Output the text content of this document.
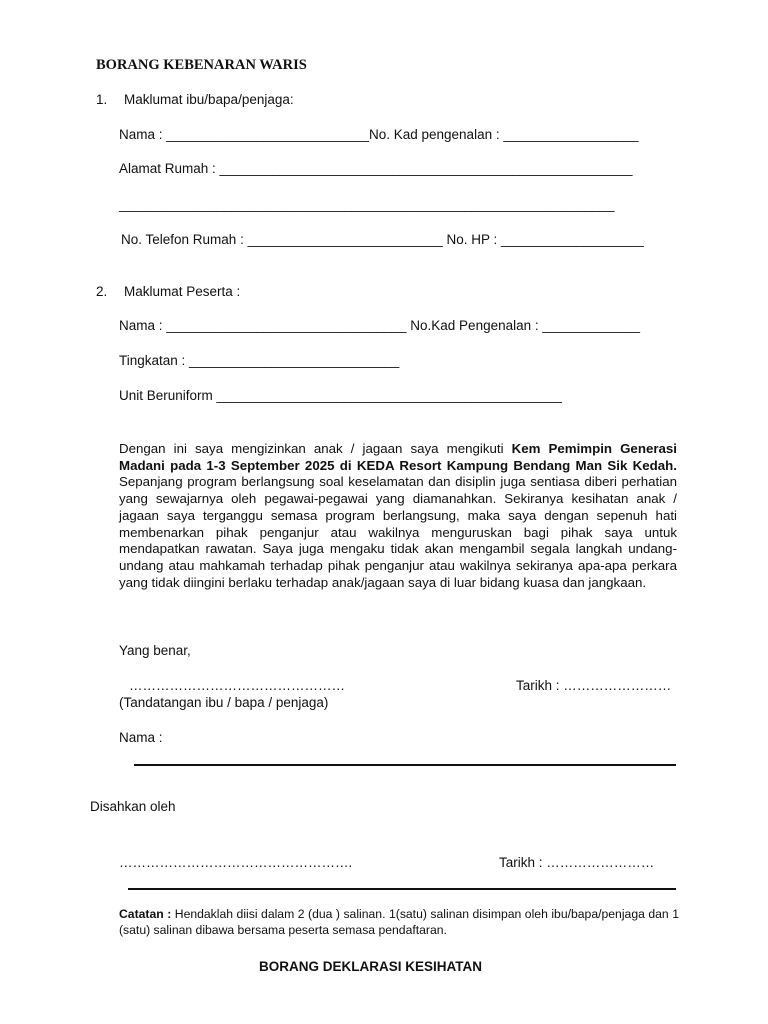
BORANG KEBENARAN WARIS
1. Maklumat ibu/bapa/penjaga:
Nama : ___________________________No. Kad pengenalan : __________________
Alamat Rumah : _______________________________________________________
__________________________________________________________________
No. Telefon Rumah : __________________________ No. HP : ___________________
2. Maklumat Peserta :
Nama : ________________________________ No.Kad Pengenalan : _____________
Tingkatan : ____________________________
Unit Beruniform ______________________________________________
Dengan ini saya mengizinkan anak / jagaan saya mengikuti Kem Pemimpin Generasi Madani pada 1-3 September 2025 di KEDA Resort Kampung Bendang Man Sik Kedah. Sepanjang program berlangsung soal keselamatan dan disiplin juga sentiasa diberi perhatian yang sewajarnya oleh pegawai-pegawai yang diamanahkan. Sekiranya kesihatan anak / jagaan saya terganggu semasa program berlangsung, maka saya dengan sepenuh hati membenarkan pihak penganjur atau wakilnya menguruskan bagi pihak saya untuk mendapatkan rawatan. Saya juga mengaku tidak akan mengambil segala langkah undang-undang atau mahkamah terhadap pihak penganjur atau wakilnya sekiranya apa-apa perkara yang tidak diingini berlaku terhadap anak/jagaan saya di luar bidang kuasa dan jangkaan.
Yang benar,
…………………………………………	Tarikh : ……………………
(Tandatangan ibu / bapa / penjaga)
Nama :
Disahkan oleh
…………………………………………….	Tarikh : ……………………
Catatan : Hendaklah diisi dalam 2 (dua ) salinan. 1(satu) salinan disimpan oleh ibu/bapa/penjaga dan 1 (satu) salinan dibawa bersama peserta semasa pendaftaran.
BORANG DEKLARASI KESIHATAN
